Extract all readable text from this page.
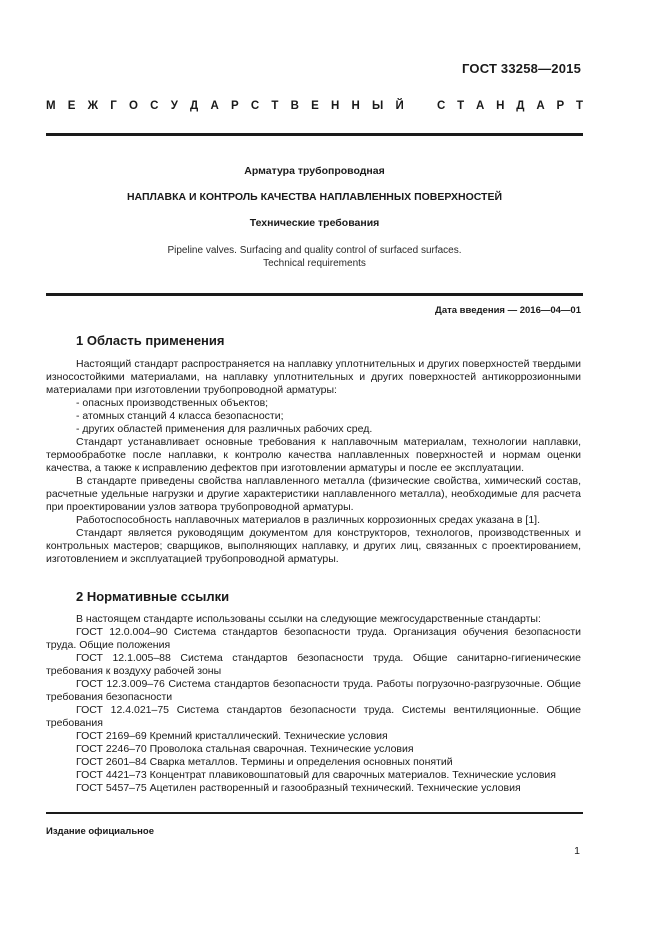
ГОСТ 33258—2015
М Е Ж Г О С У Д А Р С Т В Е Н Н Ы Й	С Т А Н Д А Р Т
Арматура трубопроводная
НАПЛАВКА И КОНТРОЛЬ КАЧЕСТВА НАПЛАВЛЕННЫХ ПОВЕРХНОСТЕЙ
Технические требования
Pipeline valves. Surfacing and quality control of surfaced surfaces.
Technical requirements
Дата введения — 2016—04—01
1 Область применения

Настоящий стандарт распространяется на наплавку уплотнительных и других поверхностей твердыми износостойкими материалами, на наплавку уплотнительных и других поверхностей антикоррозионными материалами при изготовлении трубопроводной арматуры:

- опасных производственных объектов;

- атомных станций 4 класса безопасности;

- других областей применения для различных рабочих сред.

Стандарт устанавливает основные требования к наплавочным материалам, технологии наплавки, термообработке после наплавки, к контролю качества наплавленных поверхностей и нормам оценки качества, а также к исправлению дефектов при изготовлении арматуры и после ее эксплуатации.

В стандарте приведены свойства наплавленного металла (физические свойства, химический состав, расчетные удельные нагрузки и другие характеристики наплавленного металла), необходимые для расчета при проектировании узлов затвора трубопроводной арматуры.

Работоспособность наплавочных материалов в различных коррозионных средах указана в [1].

Стандарт является руководящим документом для конструкторов, технологов, производственных и контрольных мастеров; сварщиков, выполняющих наплавку, и других лиц, связанных с проектированием, изготовлением и эксплуатацией трубопроводной арматуры.

2 Нормативные ссылки

В настоящем стандарте использованы ссылки на следующие межгосударственные стандарты:

ГОСТ 12.0.004–90 Система стандартов безопасности труда. Организация обучения безопасности труда. Общие положения

ГОСТ 12.1.005–88 Система стандартов безопасности труда. Общие санитарно-гигиенические требования к воздуху рабочей зоны

ГОСТ 12.3.009–76 Система стандартов безопасности труда. Работы погрузочно-разгрузочные. Общие требования безопасности

ГОСТ 12.4.021–75 Система стандартов безопасности труда. Системы вентиляционные. Общие требования

ГОСТ 2169–69 Кремний кристаллический. Технические условия

ГОСТ 2246–70 Проволока стальная сварочная. Технические условия

ГОСТ 2601–84 Сварка металлов. Термины и определения основных понятий

ГОСТ 4421–73 Концентрат плавиковошпатовый для сварочных материалов. Технические условия

ГОСТ 5457–75 Ацетилен растворенный и газообразный технический. Технические условия

Издание официальное
1
